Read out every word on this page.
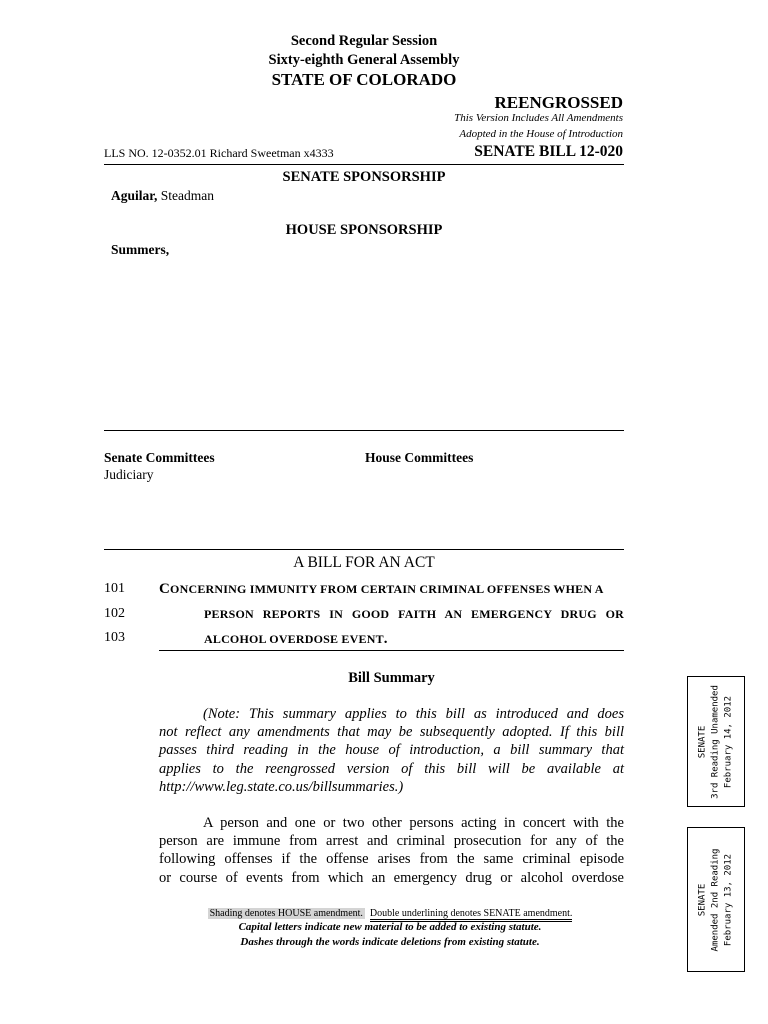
Second Regular Session
Sixty-eighth General Assembly
STATE OF COLORADO
REENGROSSED
This Version Includes All Amendments
Adopted in the House of Introduction
LLS NO. 12-0352.01 Richard Sweetman x4333	SENATE BILL 12-020
SENATE SPONSORSHIP
Aguilar, Steadman
HOUSE SPONSORSHIP
Summers,
Senate Committees
Judiciary
House Committees
A BILL FOR AN ACT
101
102
103
CONCERNING IMMUNITY FROM CERTAIN CRIMINAL OFFENSES WHEN A
PERSON REPORTS IN GOOD FAITH AN EMERGENCY DRUG OR
ALCOHOL OVERDOSE EVENT.
Bill Summary
(Note: This summary applies to this bill as introduced and does
not reflect any amendments that may be subsequently adopted. If this bill
passes third reading in the house of introduction, a bill summary that
applies to the reengrossed version of this bill will be available at
http://www.leg.state.co.us/billsummaries.)
A person and one or two other persons acting in concert with the
person are immune from arrest and criminal prosecution for any of the
following offenses if the offense arises from the same criminal episode
or course of events from which an emergency drug or alcohol overdose
Shading denotes HOUSE amendment. Double underlining denotes SENATE amendment.
Capital letters indicate new material to be added to existing statute.
Dashes through the words indicate deletions from existing statute.
SENATE 3rd Reading Unamended February 14, 2012
SENATE Amended 2nd Reading February 13, 2012
